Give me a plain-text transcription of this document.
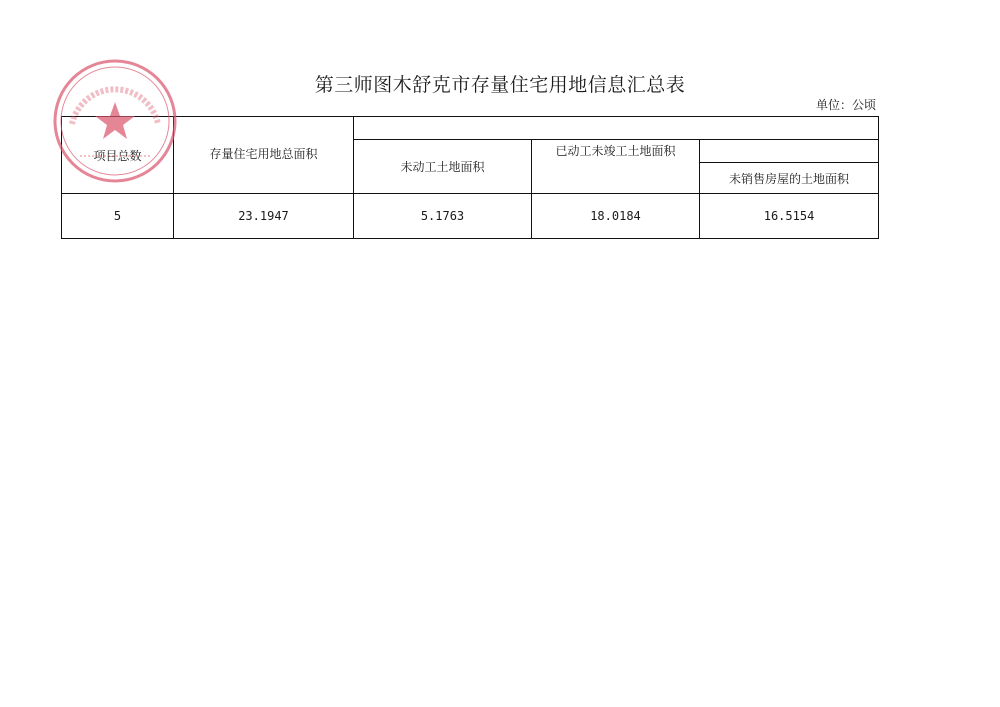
第三师图木舒克市存量住宅用地信息汇总表
单位：公顷
项目总数	存量住宅用地总面积			
		未动工土地面积	已动工未竣工土地面积	
				未销售房屋的土地面积
5	23.1947	5.1763	18.0184	16.5154
